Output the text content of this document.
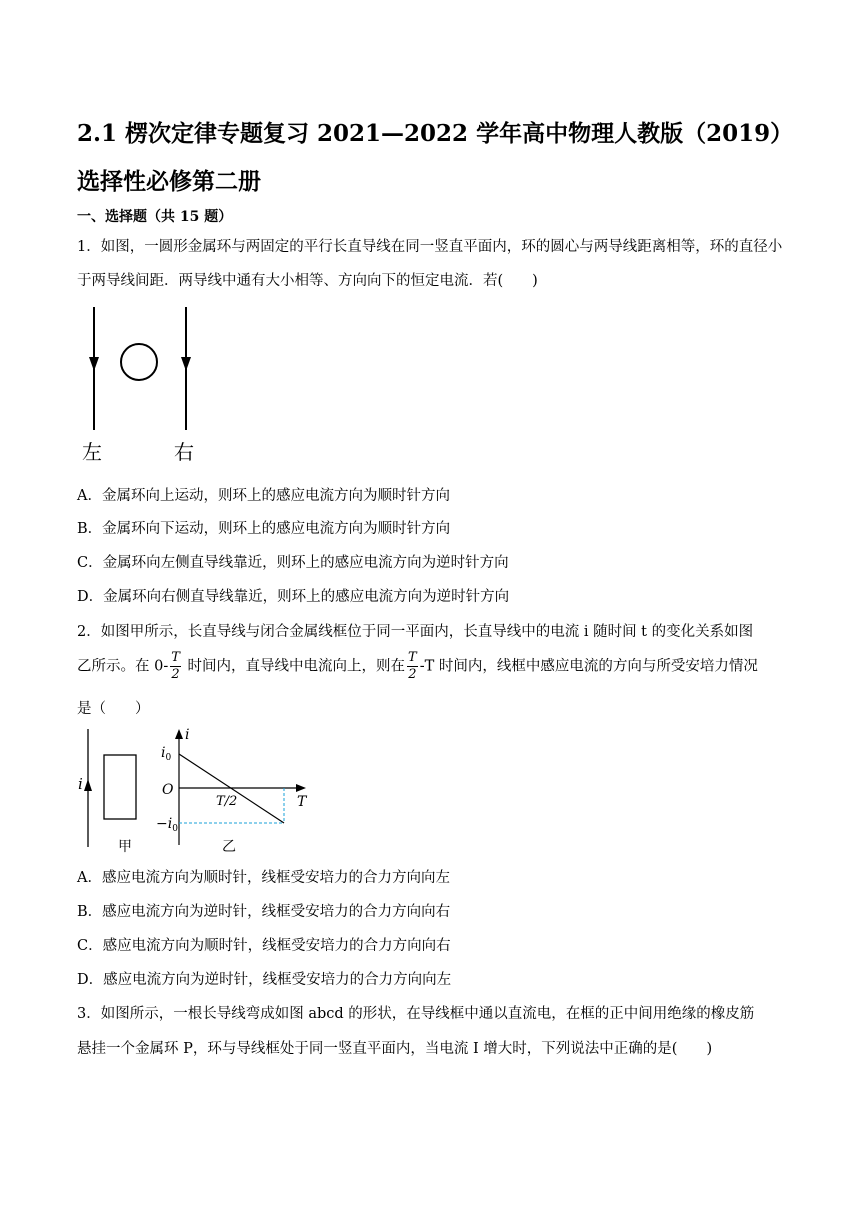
2.1 楞次定律专题复习 2021—2022 学年高中物理人教版（2019）选择性必修第二册
一、选择题（共 15 题）
1．如图，一圆形金属环与两固定的平行长直导线在同一竖直平面内，环的圆心与两导线距离相等，环的直径小于两导线间距．两导线中通有大小相等、方向向下的恒定电流．若(　　)
左	右
A．金属环向上运动，则环上的感应电流方向为顺时针方向
B．金属环向下运动，则环上的感应电流方向为顺时针方向
C．金属环向左侧直导线靠近，则环上的感应电流方向为逆时针方向
D．金属环向右侧直导线靠近，则环上的感应电流方向为逆时针方向
2．如图甲所示，长直导线与闭合金属线框位于同一平面内，长直导线中的电流 i 随时间 t 的变化关系如图
乙所示。在 $0- \frac{T}{2}$ 时间内，直导线中电流向上，则在 $\frac{T}{2} -T$ 时间内，线框中感应电流的方向与所受安培力情况
是（　　）
i
甲
i
T
$i_0$
O
T/2
$-i_0$
乙
A．感应电流方向为顺时针，线框受安培力的合力方向向左
B．感应电流方向为逆时针，线框受安培力的合力方向向右
C．感应电流方向为顺时针，线框受安培力的合力方向向右
D．感应电流方向为逆时针，线框受安培力的合力方向向左
3．如图所示，一根长导线弯成如图 abcd 的形状，在导线框中通以直流电，在框的正中间用绝缘的橡皮筋
悬挂一个金属环 P，环与导线框处于同一竖直平面内，当电流 I 增大时，下列说法中正确的是(　　)
